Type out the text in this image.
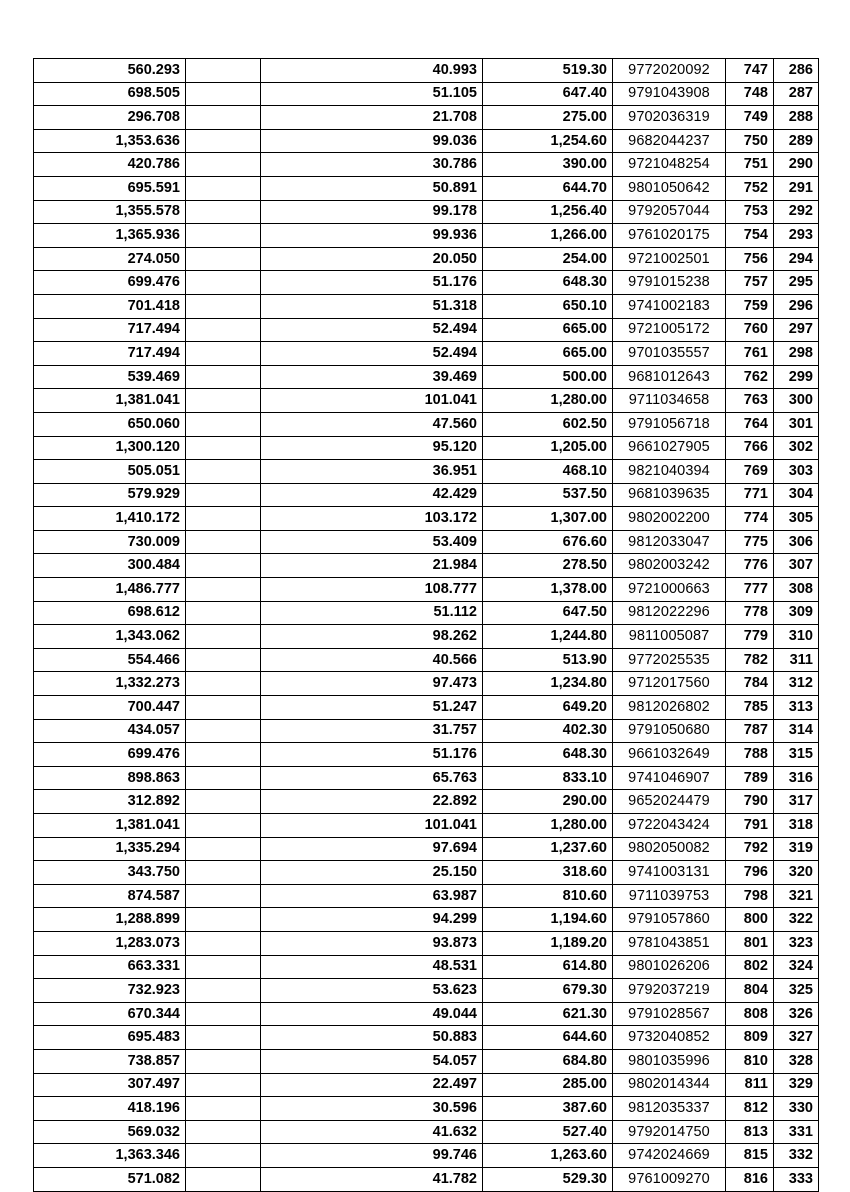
560.293		40.993	519.30	9772020092	747	286
698.505		51.105	647.40	9791043908	748	287
296.708		21.708	275.00	9702036319	749	288
1,353.636		99.036	1,254.60	9682044237	750	289
420.786		30.786	390.00	9721048254	751	290
695.591		50.891	644.70	9801050642	752	291
1,355.578		99.178	1,256.40	9792057044	753	292
1,365.936		99.936	1,266.00	9761020175	754	293
274.050		20.050	254.00	9721002501	756	294
699.476		51.176	648.30	9791015238	757	295
701.418		51.318	650.10	9741002183	759	296
717.494		52.494	665.00	9721005172	760	297
717.494		52.494	665.00	9701035557	761	298
539.469		39.469	500.00	9681012643	762	299
1,381.041		101.041	1,280.00	9711034658	763	300
650.060		47.560	602.50	9791056718	764	301
1,300.120		95.120	1,205.00	9661027905	766	302
505.051		36.951	468.10	9821040394	769	303
579.929		42.429	537.50	9681039635	771	304
1,410.172		103.172	1,307.00	9802002200	774	305
730.009		53.409	676.60	9812033047	775	306
300.484		21.984	278.50	9802003242	776	307
1,486.777		108.777	1,378.00	9721000663	777	308
698.612		51.112	647.50	9812022296	778	309
1,343.062		98.262	1,244.80	9811005087	779	310
554.466		40.566	513.90	9772025535	782	311
1,332.273		97.473	1,234.80	9712017560	784	312
700.447		51.247	649.20	9812026802	785	313
434.057		31.757	402.30	9791050680	787	314
699.476		51.176	648.30	9661032649	788	315
898.863		65.763	833.10	9741046907	789	316
312.892		22.892	290.00	9652024479	790	317
1,381.041		101.041	1,280.00	9722043424	791	318
1,335.294		97.694	1,237.60	9802050082	792	319
343.750		25.150	318.60	9741003131	796	320
874.587		63.987	810.60	9711039753	798	321
1,288.899		94.299	1,194.60	9791057860	800	322
1,283.073		93.873	1,189.20	9781043851	801	323
663.331		48.531	614.80	9801026206	802	324
732.923		53.623	679.30	9792037219	804	325
670.344		49.044	621.30	9791028567	808	326
695.483		50.883	644.60	9732040852	809	327
738.857		54.057	684.80	9801035996	810	328
307.497		22.497	285.00	9802014344	811	329
418.196		30.596	387.60	9812035337	812	330
569.032		41.632	527.40	9792014750	813	331
1,363.346		99.746	1,263.60	9742024669	815	332
571.082		41.782	529.30	9761009270	816	333
